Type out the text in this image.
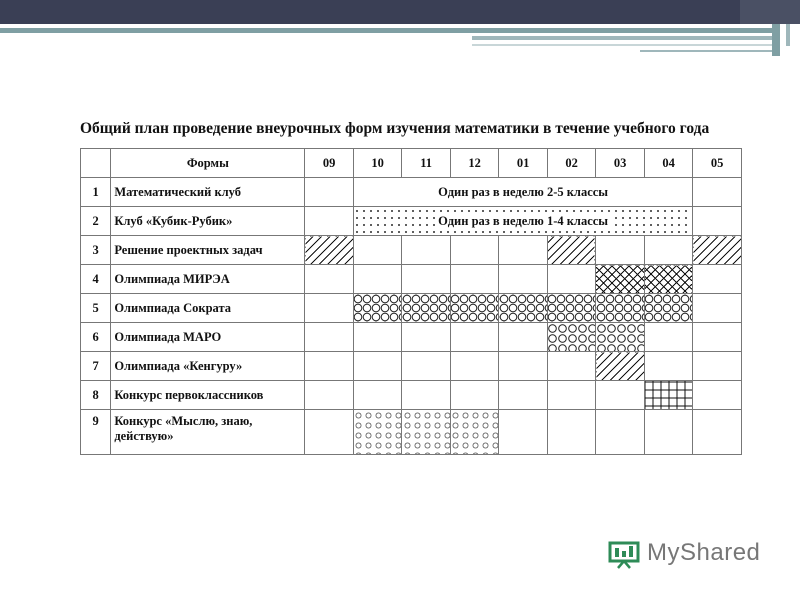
Общий план проведение внеурочных форм изучения математики в течение учебного года
	Формы	09	10	11	12	01	02	03	04	05
1	Математический клуб		Один раз в неделю 2-5 классы							
2	Клуб «Кубик-Рубик»		Один раз в неделю 1-4 классы							
3	Решение проектных задач									
4	Олимпиада МИРЭА									
5	Олимпиада Сократа									
6	Олимпиада МАРО									
7	Олимпиада «Кенгуру»									
8	Конкурс первоклассников									
9	Конкурс «Мыслю, знаю, действую»									
MyShared
